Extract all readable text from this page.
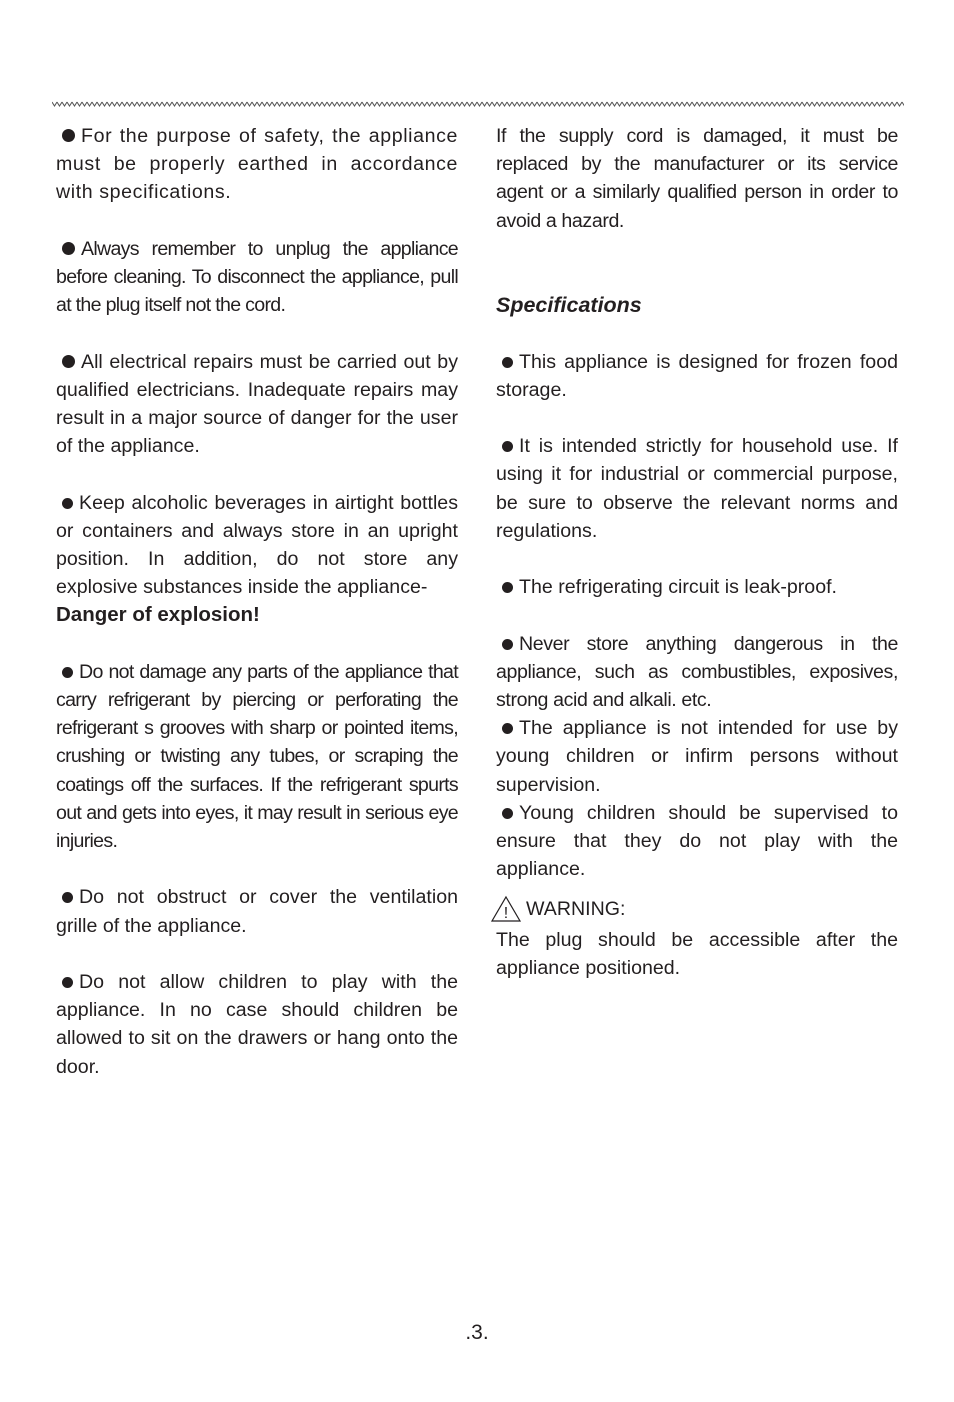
For the purpose of safety, the appliance must be properly earthed in accordance with specifications.

Always remember to unplug the appliance before cleaning. To disconnect the appliance, pull at the plug itself not the cord.

All electrical repairs must be carried out by qualified electricians. Inadequate repairs may result in a major source of danger for the user of the appliance.

Keep alcoholic beverages in airtight bottles or containers and always store in an upright position. In addition, do not store any explosive substances inside the appliance-
Danger of explosion!

Do not damage any parts of the appliance that carry refrigerant by piercing or perforating the refrigerant s grooves with sharp or pointed items, crushing or twisting any tubes, or scraping the coatings off the surfaces. If the refrigerant spurts out and gets into eyes, it may result in serious eye injuries.

Do not obstruct or cover the ventilation grille of the appliance.

Do not allow children to play with the appliance. In no case should children be allowed to sit on the drawers or hang onto the door.

If the supply cord is damaged, it must be replaced by the manufacturer or its service agent or a similarly qualified person in order to avoid a hazard.

Specifications

This appliance is designed for frozen food storage.

It is intended strictly for household use. If using it for industrial or commercial purpose, be sure to observe the relevant norms and regulations.

The refrigerating circuit is leak-proof.

Never store anything dangerous in the appliance, such as combustibles, exposives, strong acid and alkali. etc.

The appliance is not intended for use by young children or infirm persons without supervision.

Young children should be supervised to ensure that they do not play with the appliance.

! WARNING:

The plug should be accessible after the appliance positioned.

.3.
